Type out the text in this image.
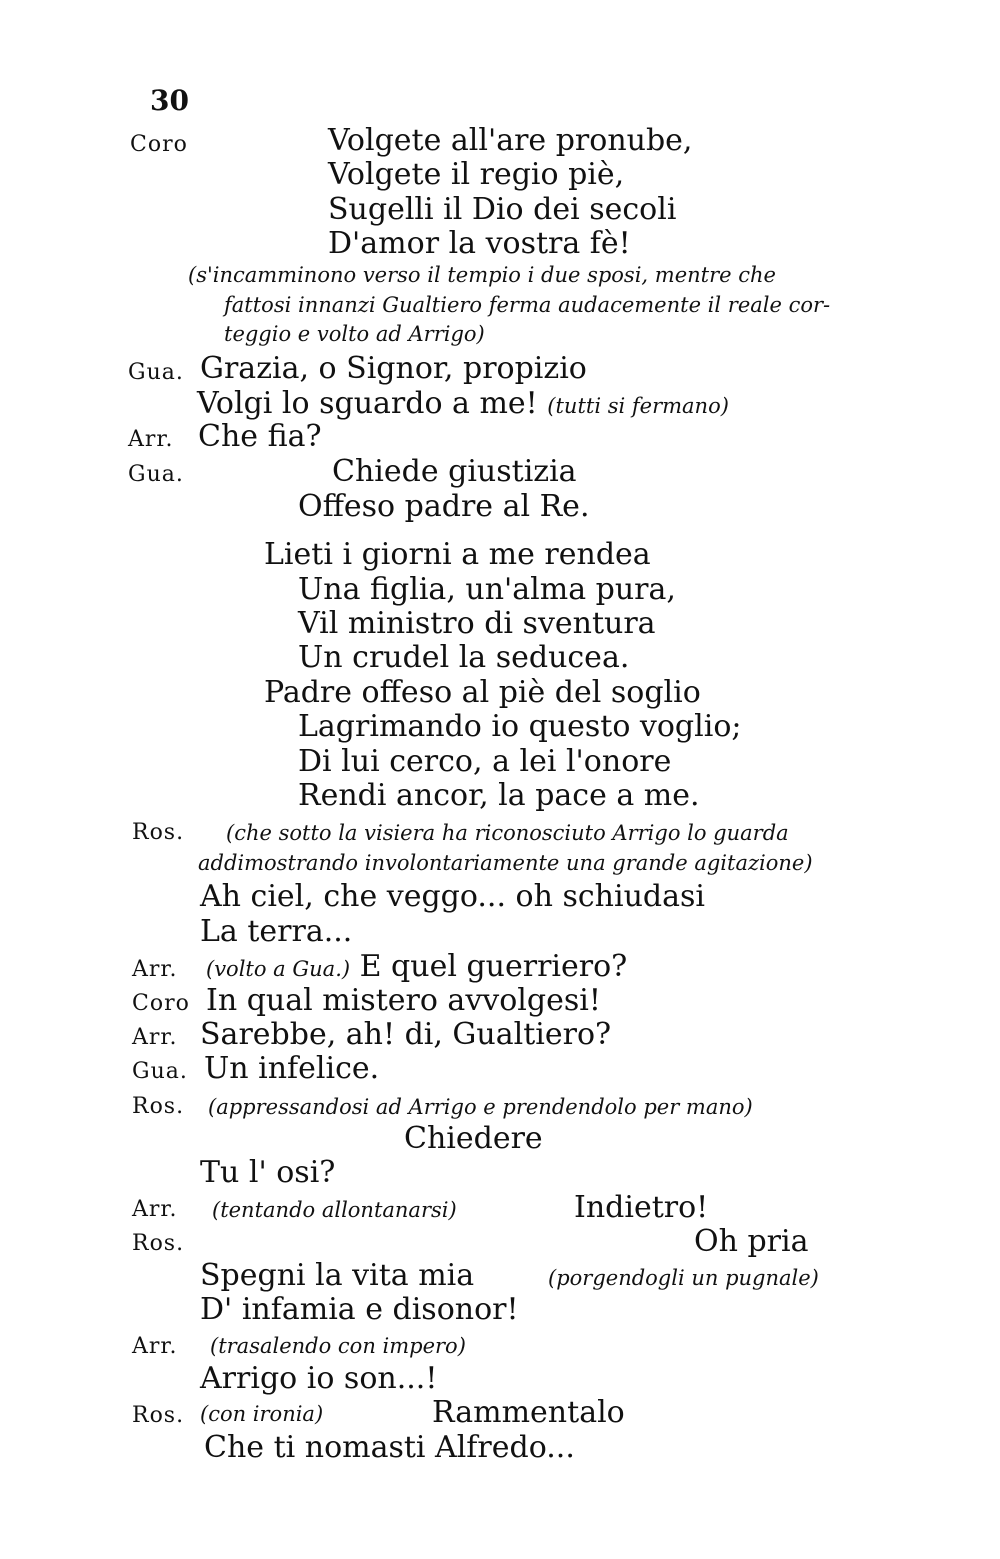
30
Coro	Volgete all'are pronube,
Volgete il regio piè,
Sugelli il Dio dei secoli
D'amor la vostra fè!
(s'incamminono verso il tempio i due sposi, mentre che
fattosi innanzi Gualtiero ferma audacemente il reale cor-
teggio e volto ad Arrigo)
Gua. Grazia, o Signor, propizio
Volgi lo sguardo a me! (tutti si fermano)
Arr. Che fia?
Gua.	Chiede giustizia
Offeso padre al Re.
Lieti i giorni a me rendea
Una figlia, un'alma pura,
Vil ministro di sventura
Un crudel la seducea.
Padre offeso al piè del soglio
Lagrimando io questo voglio;
Di lui cerco, a lei l'onore
Rendi ancor, la pace a me.
Ros. (che sotto la visiera ha riconosciuto Arrigo lo guarda
addimostrando involontariamente una grande agitazione)
Ah ciel, che veggo... oh schiudasi
La terra...
Arr. (volto a Gua.) E quel guerriero?
Coro In qual mistero avvolgesi!
Arr. Sarebbe, ah! di, Gualtiero?
Gua. Un infelice.
Ros. (appressandosi ad Arrigo e prendendolo per mano)
Chiedere
Tu l' osi?
Arr. (tentando allontanarsi)	Indietro!
Ros.	Oh pria
Spegni la vita mia	(porgendogli un pugnale)
D' infamia e disonor!
Arr. (trasalendo con impero)
Arrigo io son...!
Ros. (con ironia)	Rammentalo
Che ti nomasti Alfredo...
